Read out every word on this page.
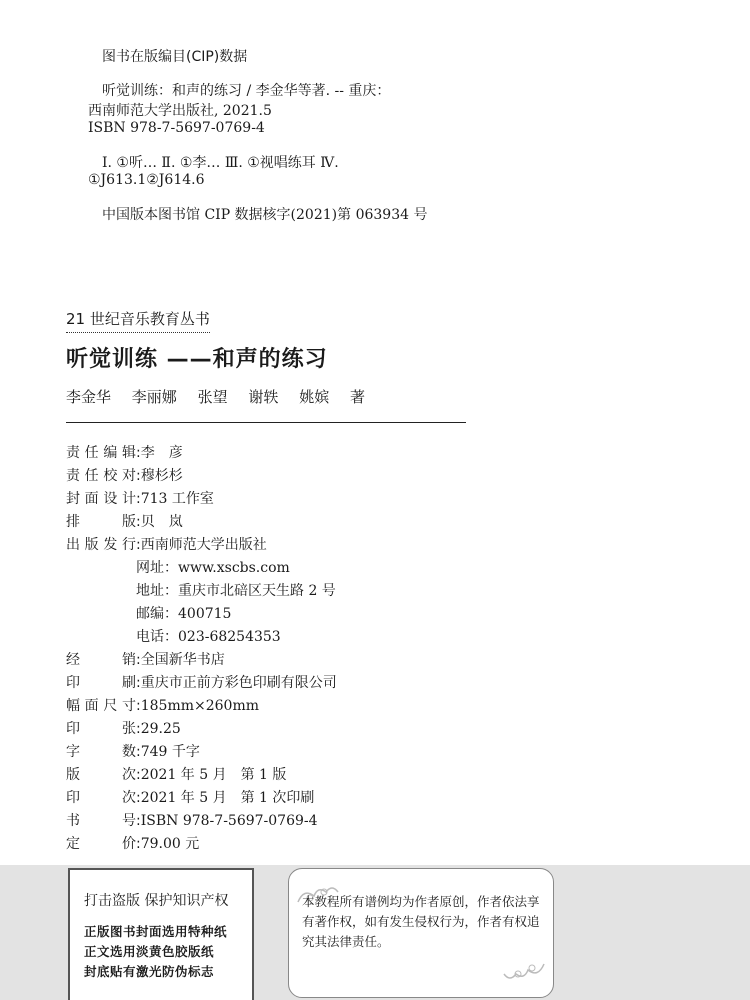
图书在版编目(CIP)数据
听觉训练：和声的练习 / 李金华等著. -- 重庆：
西南师范大学出版社, 2021.5
ISBN 978-7-5697-0769-4
Ⅰ. ①听… Ⅱ. ①李… Ⅲ. ①视唱练耳 Ⅳ.
①J613.1②J614.6
中国版本图书馆 CIP 数据核字(2021)第 063934 号
21 世纪音乐教育丛书
听觉训练 ——和声的练习
李金华 李丽娜 张望 谢轶 姚嫔 著
责任编辑:李　彦
责任校对:穆杉杉
封面设计:713 工作室
排　　版:贝　岚
出版发行:西南师范大学出版社
网址：www.xscbs.com
地址：重庆市北碚区天生路 2 号
邮编：400715
电话：023-68254353
经　　销:全国新华书店
印　　刷:重庆市正前方彩色印刷有限公司
幅面尺寸:185mm×260mm
印　　张:29.25
字　　数:749 千字
版　　次:2021 年 5 月　第 1 版
印　　次:2021 年 5 月　第 1 次印刷
书　　号:ISBN 978-7-5697-0769-4
定　　价:79.00 元
打击盗版 保护知识产权
正版图书封面选用特种纸
正文选用淡黄色胶版纸
封底贴有激光防伪标志
本教程所有谱例均为作者原创，作者依法享有著作权，如有发生侵权行为，作者有权追究其法律责任。
